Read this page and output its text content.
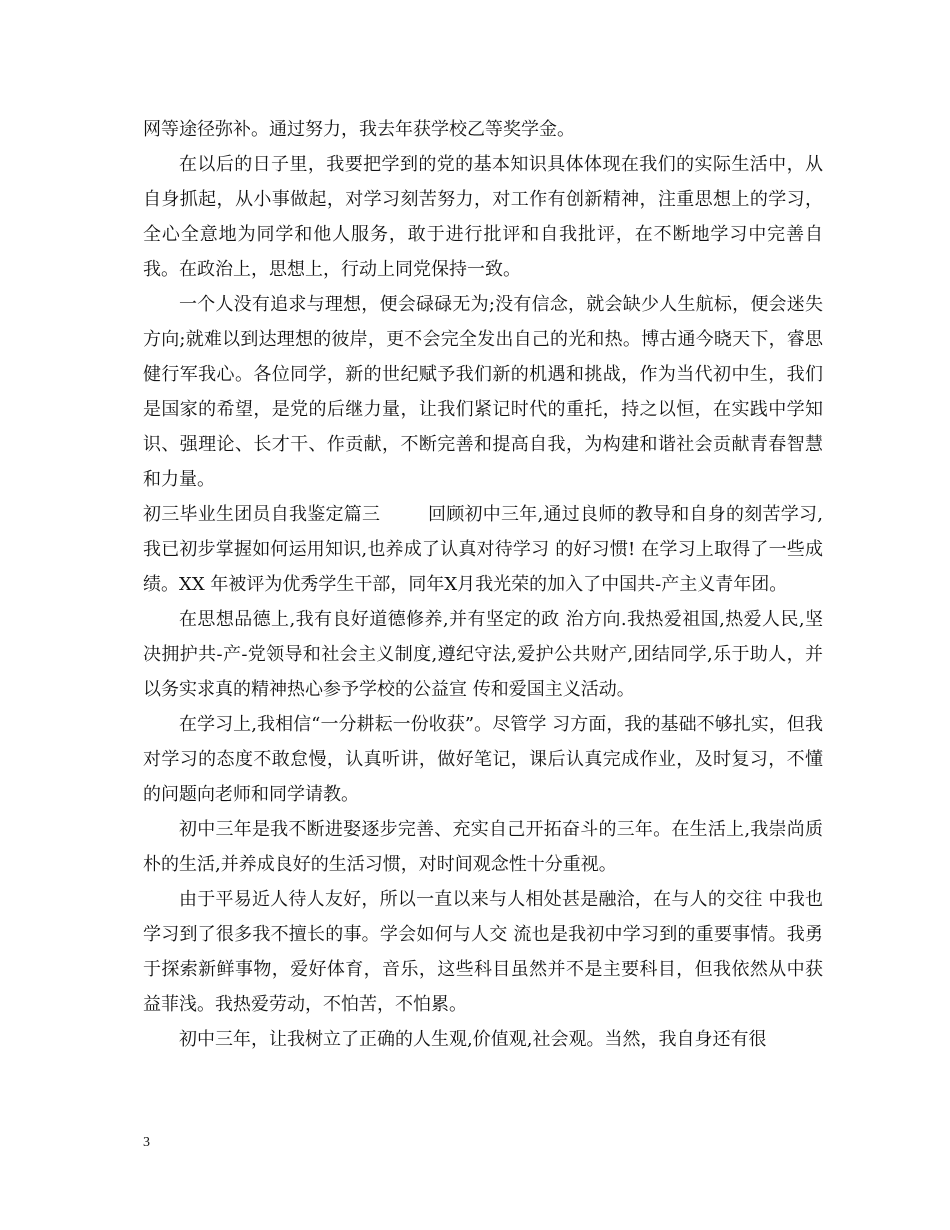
网等途径弥补。通过努力，我去年获学校乙等奖学金。

在以后的日子里，我要把学到的党的基本知识具体体现在我们的实际生活中，从自身抓起，从小事做起，对学习刻苦努力，对工作有创新精神，注重思想上的学习，全心全意地为同学和他人服务，敢于进行批评和自我批评，在不断地学习中完善自我。在政治上，思想上，行动上同党保持一致。

一个人没有追求与理想，便会碌碌无为;没有信念，就会缺少人生航标，便会迷失方向;就难以到达理想的彼岸，更不会完全发出自己的光和热。博古通今晓天下，睿思健行军我心。各位同学，新的世纪赋予我们新的机遇和挑战，作为当代初中生，我们是国家的希望，是党的后继力量，让我们紧记时代的重托，持之以恒，在实践中学知识、强理论、长才干、作贡献，不断完善和提高自我，为构建和谐社会贡献青春智慧和力量。

初三毕业生团员自我鉴定篇三        回顾初中三年,通过良师的教导和自身的刻苦学习, 我已初步掌握如何运用知识,也养成了认真对待学习 的好习惯! 在学习上取得了一些成绩。XX 年被评为优秀学生干部，同年X月我光荣的加入了中国共-产主义青年团。

在思想品德上,我有良好道德修养,并有坚定的政 治方向.我热爱祖国,热爱人民,坚决拥护共-产-党领导和社会主义制度,遵纪守法,爱护公共财产,团结同学,乐于助人，并以务实求真的精神热心参予学校的公益宣 传和爱国主义活动。

在学习上,我相信“一分耕耘一份收获”。尽管学 习方面，我的基础不够扎实，但我对学习的态度不敢怠慢，认真听讲，做好笔记，课后认真完成作业，及时复习，不懂的问题向老师和同学请教。

初中三年是我不断进娶逐步完善、充实自己开拓奋斗的三年。在生活上,我崇尚质朴的生活,并养成良好的生活习惯，对时间观念性十分重视。

由于平易近人待人友好，所以一直以来与人相处甚是融洽，在与人的交往 中我也学习到了很多我不擅长的事。学会如何与人交 流也是我初中学习到的重要事情。我勇于探索新鲜事物，爱好体育，音乐，这些科目虽然并不是主要科目，但我依然从中获益菲浅。我热爱劳动，不怕苦，不怕累。

初中三年，让我树立了正确的人生观,价值观,社会观。当然，我自身还有很

3
